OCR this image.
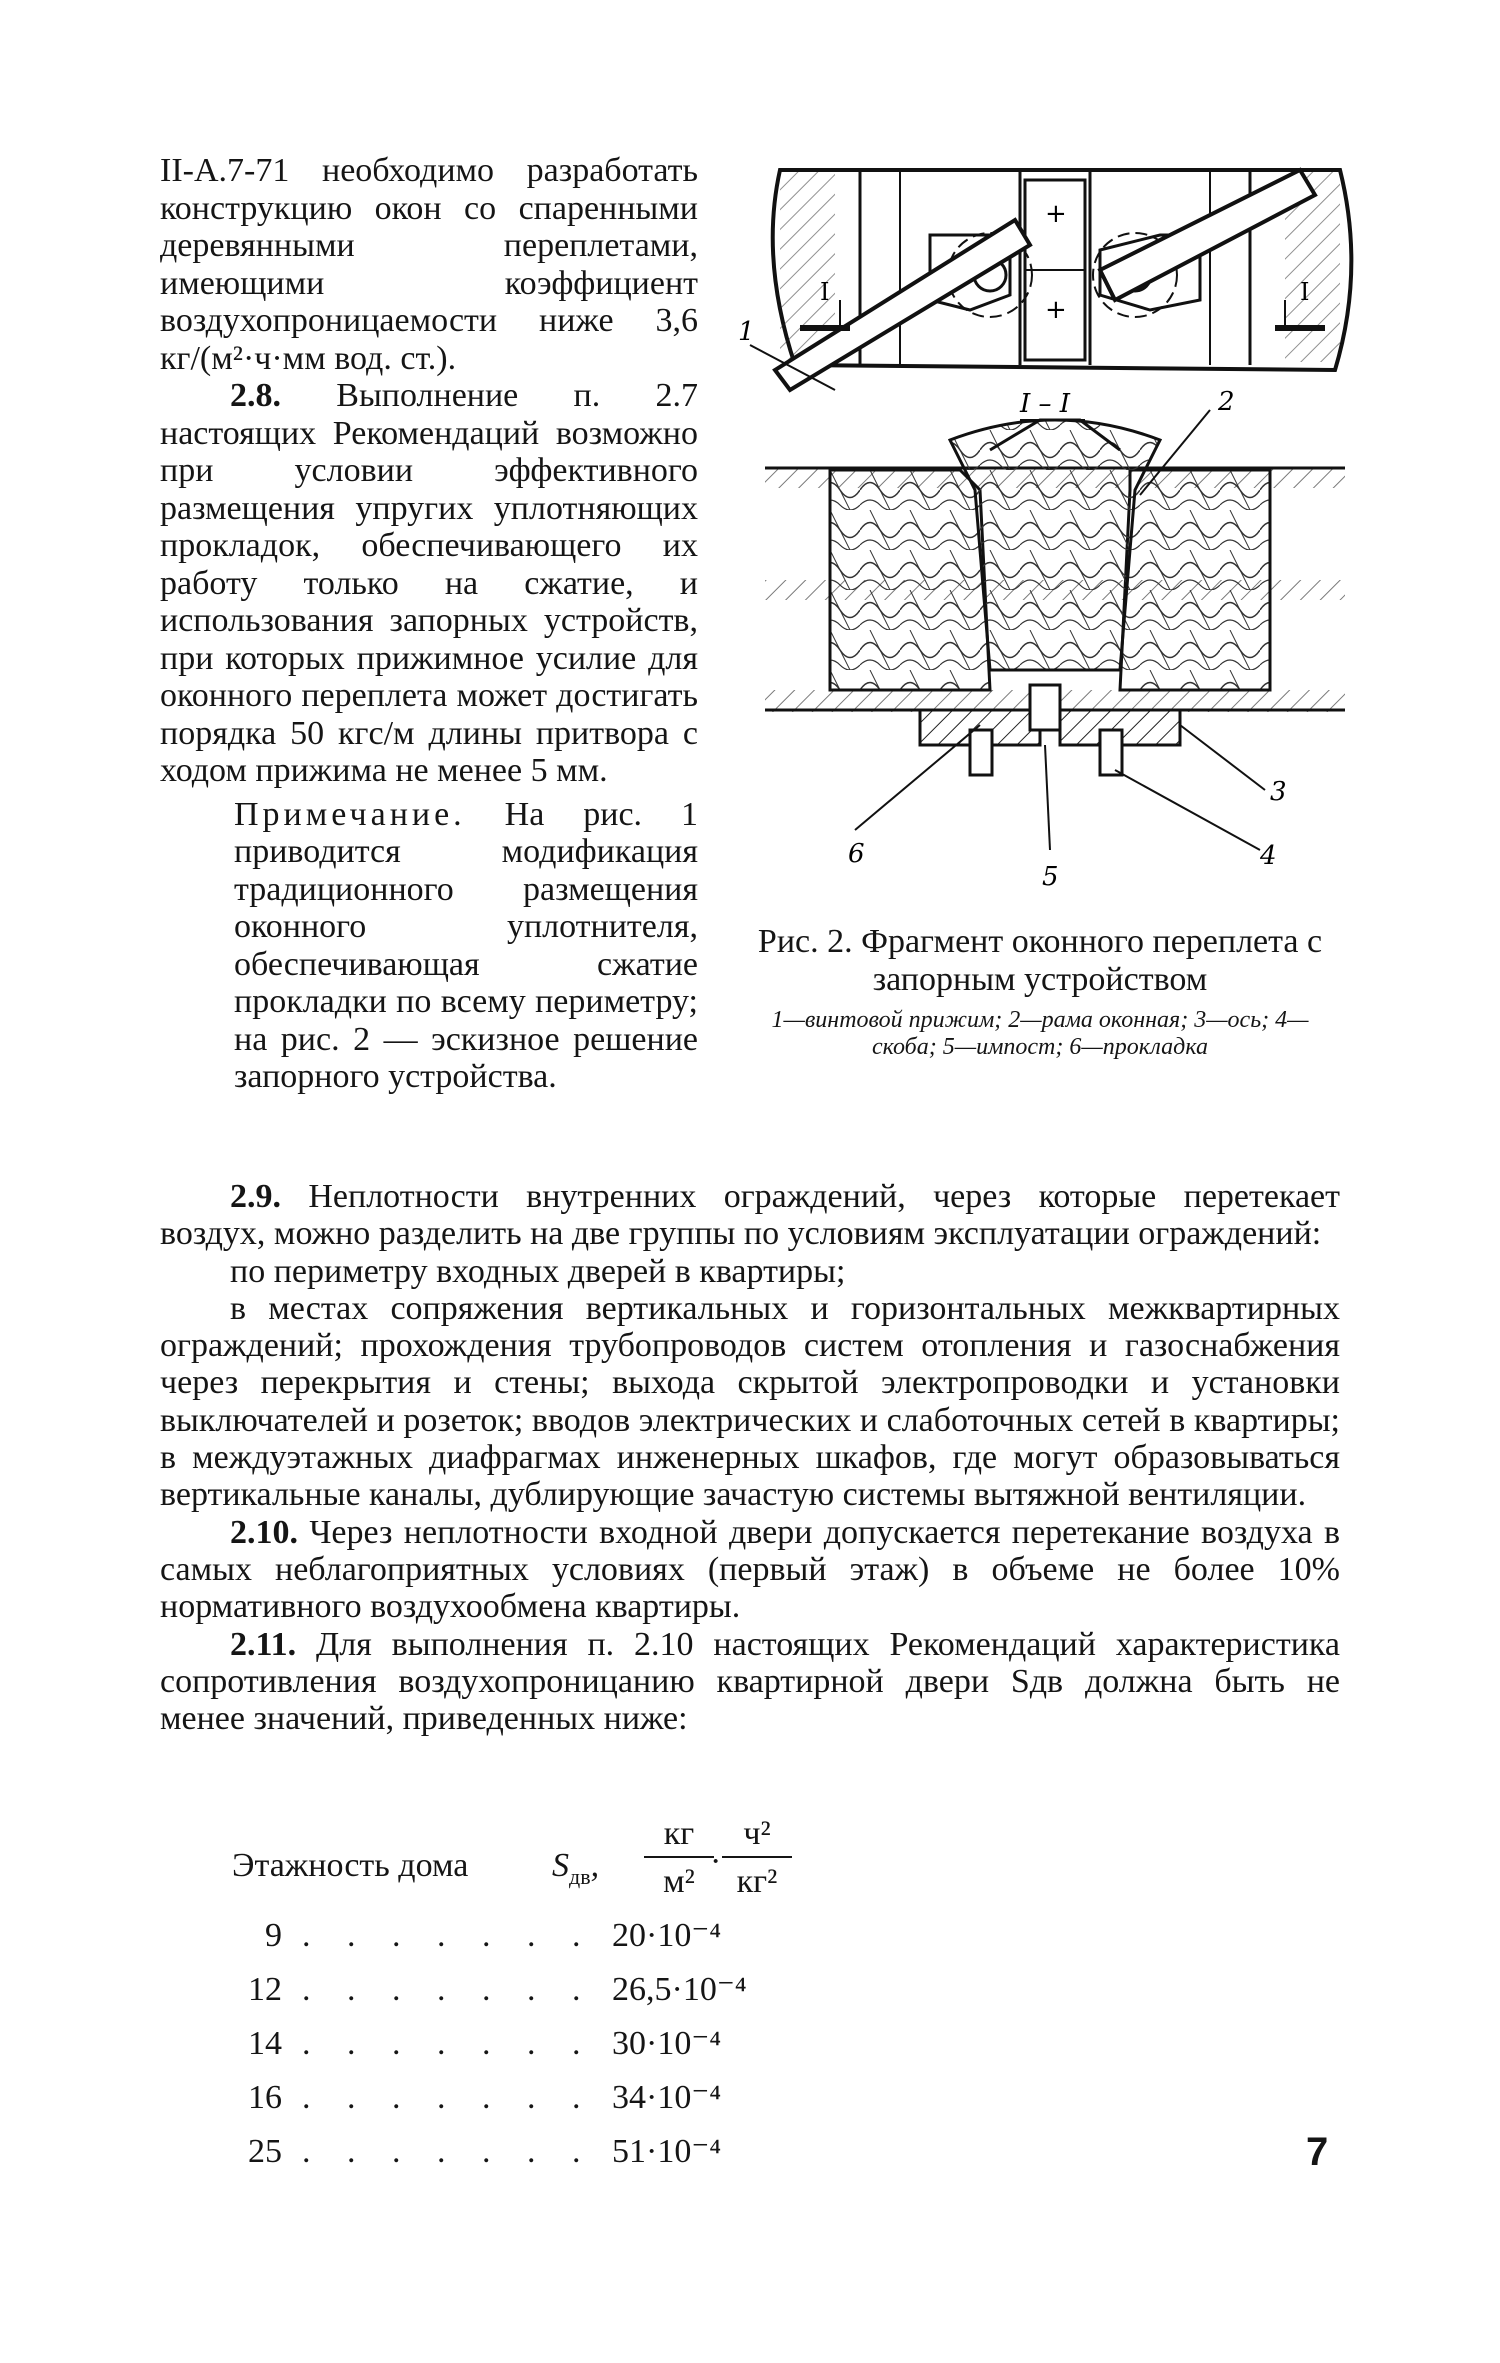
II-А.7-71 необходимо разработать конструкцию окон со спаренными деревянными переплетами, имеющими коэффициент воздухопроницаемости ниже 3,6 кг/(м²·ч·мм вод. ст.).

2.8. Выполнение п. 2.7 настоящих Рекомендаций возможно при условии эффективного размещения упругих уплотняющих прокладок, обеспечивающего их работу только на сжатие, и использования запорных устройств, при которых прижимное усилие для оконного переплета может достигать порядка 50 кгс/м длины притвора с ходом прижима не менее 5 мм.

Примечание. На рис. 1 приводится модификация традиционного размещения оконного уплотнителя, обеспечивающая сжатие прокладки по всему периметру; на рис. 2 — эскизное решение запорного устройства.

+
+
I	I
1
I – I	2
3
4
5
6
Рис. 2. Фрагмент оконного переплета с запорным устройством
1—винтовой прижим; 2—рама оконная; 3—ось; 4—скоба; 5—импост; 6—прокладка

2.9. Неплотности внутренних ограждений, через которые перетекает воздух, можно разделить на две группы по условиям эксплуатации ограждений:

по периметру входных дверей в квартиры;

в местах сопряжения вертикальных и горизонтальных межквартирных ограждений; прохождения трубопроводов систем отопления и газоснабжения через перекрытия и стены; выхода скрытой электропроводки и установки выключателей и розеток; вводов электрических и слаботочных сетей в квартиры; в междуэтажных диафрагмах инженерных шкафов, где могут образовываться вертикальные каналы, дублирующие зачастую системы вытяжной вентиляции.

2.10. Через неплотности входной двери допускается перетекание воздуха в самых неблагоприятных условиях (первый этаж) в объеме не более 10% нормативного воздухообмена квартиры.

2.11. Для выполнения п. 2.10 настоящих Рекомендаций характеристика сопротивления воздухопроницанию квартирной двери Sдв должна быть не менее значений, приведенных ниже:

Этажность дома $S_{дв}$,
кг
м²
·
ч²
кг²
9 . . . . . . . 20·10⁻⁴
12 . . . . . . . 26,5·10⁻⁴
14 . . . . . . . 30·10⁻⁴
16 . . . . . . . 34·10⁻⁴
25 . . . . . . . 51·10⁻⁴	7
